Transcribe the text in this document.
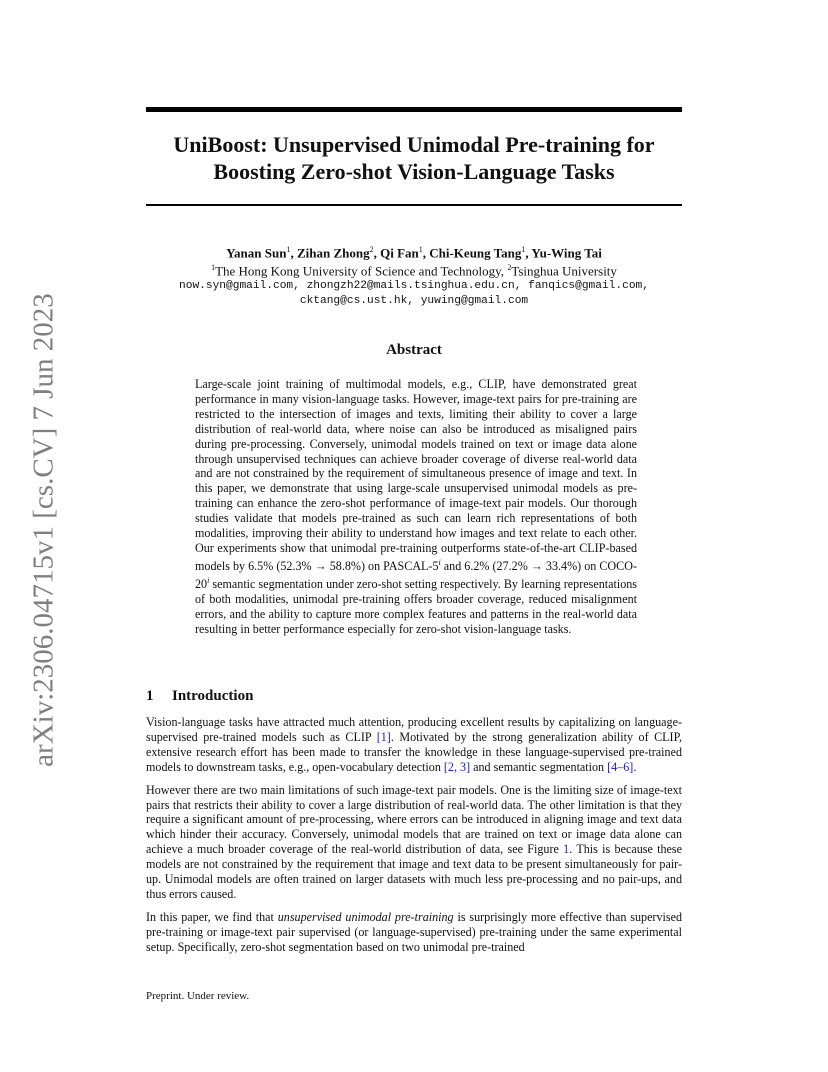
UniBoost: Unsupervised Unimodal Pre-training for
Boosting Zero-shot Vision-Language Tasks
arXiv:2306.04715v1 [cs.CV] 7 Jun 2023
Yanan Sun$^1$, Zihan Zhong$^2$, Qi Fan$^1$, Chi-Keung Tang$^1$, Yu-Wing Tai
$^1$The Hong Kong University of Science and Technology, $^2$Tsinghua University
now.syn@gmail.com, zhongzh22@mails.tsinghua.edu.cn, fanqics@gmail.com,
cktang@cs.ust.hk, yuwing@gmail.com
Abstract
Large-scale joint training of multimodal models, e.g., CLIP, have demonstrated great performance in many vision-language tasks. However, image-text pairs for pre-training are restricted to the intersection of images and texts, limiting their ability to cover a large distribution of real-world data, where noise can also be introduced as misaligned pairs during pre-processing. Conversely, unimodal models trained on text or image data alone through unsupervised techniques can achieve broader coverage of diverse real-world data and are not constrained by the requirement of simultaneous presence of image and text. In this paper, we demonstrate that using large-scale unsupervised unimodal models as pre-training can enhance the zero-shot performance of image-text pair models. Our thorough studies validate that models pre-trained as such can learn rich representations of both modalities, improving their ability to understand how images and text relate to each other. Our experiments show that unimodal pre-training outperforms state-of-the-art CLIP-based models by 6.5% (52.3% → 58.8%) on PASCAL-5$^i$ and 6.2% (27.2% → 33.4%) on COCO-20$^i$ semantic segmentation under zero-shot setting respectively. By learning representations of both modalities, unimodal pre-training offers broader coverage, reduced misalignment errors, and the ability to capture more complex features and patterns in the real-world data resulting in better performance especially for zero-shot vision-language tasks.
1 Introduction

Vision-language tasks have attracted much attention, producing excellent results by capitalizing on language-supervised pre-trained models such as CLIP [1]. Motivated by the strong generalization ability of CLIP, extensive research effort has been made to transfer the knowledge in these language-supervised pre-trained models to downstream tasks, e.g., open-vocabulary detection [2, 3] and semantic segmentation [4–6].

However there are two main limitations of such image-text pair models. One is the limiting size of image-text pairs that restricts their ability to cover a large distribution of real-world data. The other limitation is that they require a significant amount of pre-processing, where errors can be introduced in aligning image and text data which hinder their accuracy. Conversely, unimodal models that are trained on text or image data alone can achieve a much broader coverage of the real-world distribution of data, see Figure 1. This is because these models are not constrained by the requirement that image and text data to be present simultaneously for pair-up. Unimodal models are often trained on larger datasets with much less pre-processing and no pair-ups, and thus errors caused.

In this paper, we find that unsupervised unimodal pre-training is surprisingly more effective than supervised pre-training or image-text pair supervised (or language-supervised) pre-training under the same experimental setup. Specifically, zero-shot segmentation based on two unimodal pre-trained

Preprint. Under review.
